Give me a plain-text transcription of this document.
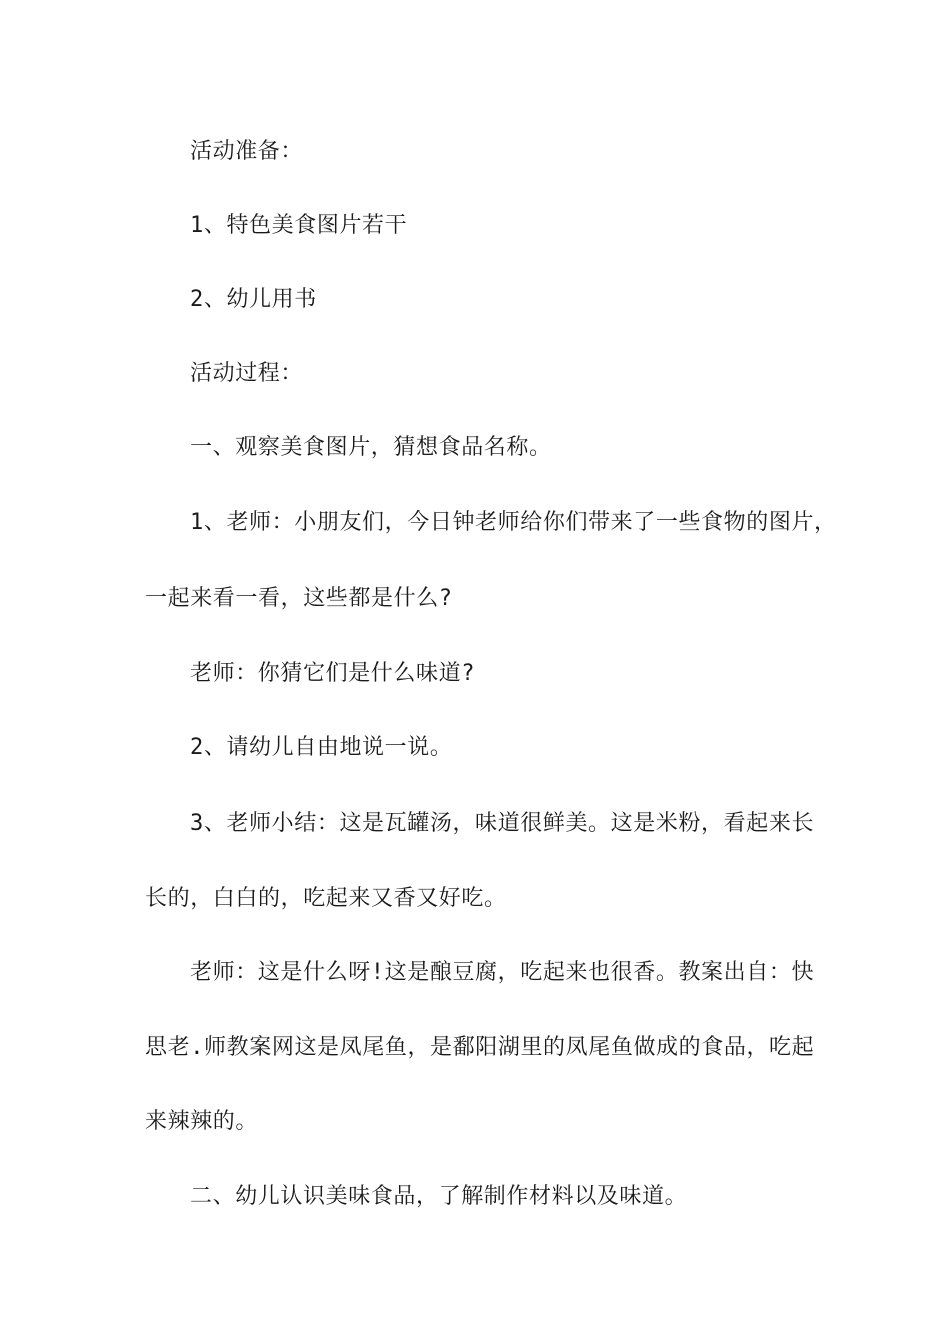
活动准备：
1、特色美食图片若干
2、幼儿用书
活动过程：
一、观察美食图片，猜想食品名称。
1、老师：小朋友们，今日钟老师给你们带来了一些食物的图片，
一起来看一看，这些都是什么?
老师：你猜它们是什么味道?
2、请幼儿自由地说一说。
3、老师小结：这是瓦罐汤，味道很鲜美。这是米粉，看起来长
长的，白白的，吃起来又香又好吃。
老师：这是什么呀!这是酿豆腐，吃起来也很香。教案出自：快
思老.师教案网这是凤尾鱼，是鄱阳湖里的凤尾鱼做成的食品，吃起
来辣辣的。
二、幼儿认识美味食品，了解制作材料以及味道。
